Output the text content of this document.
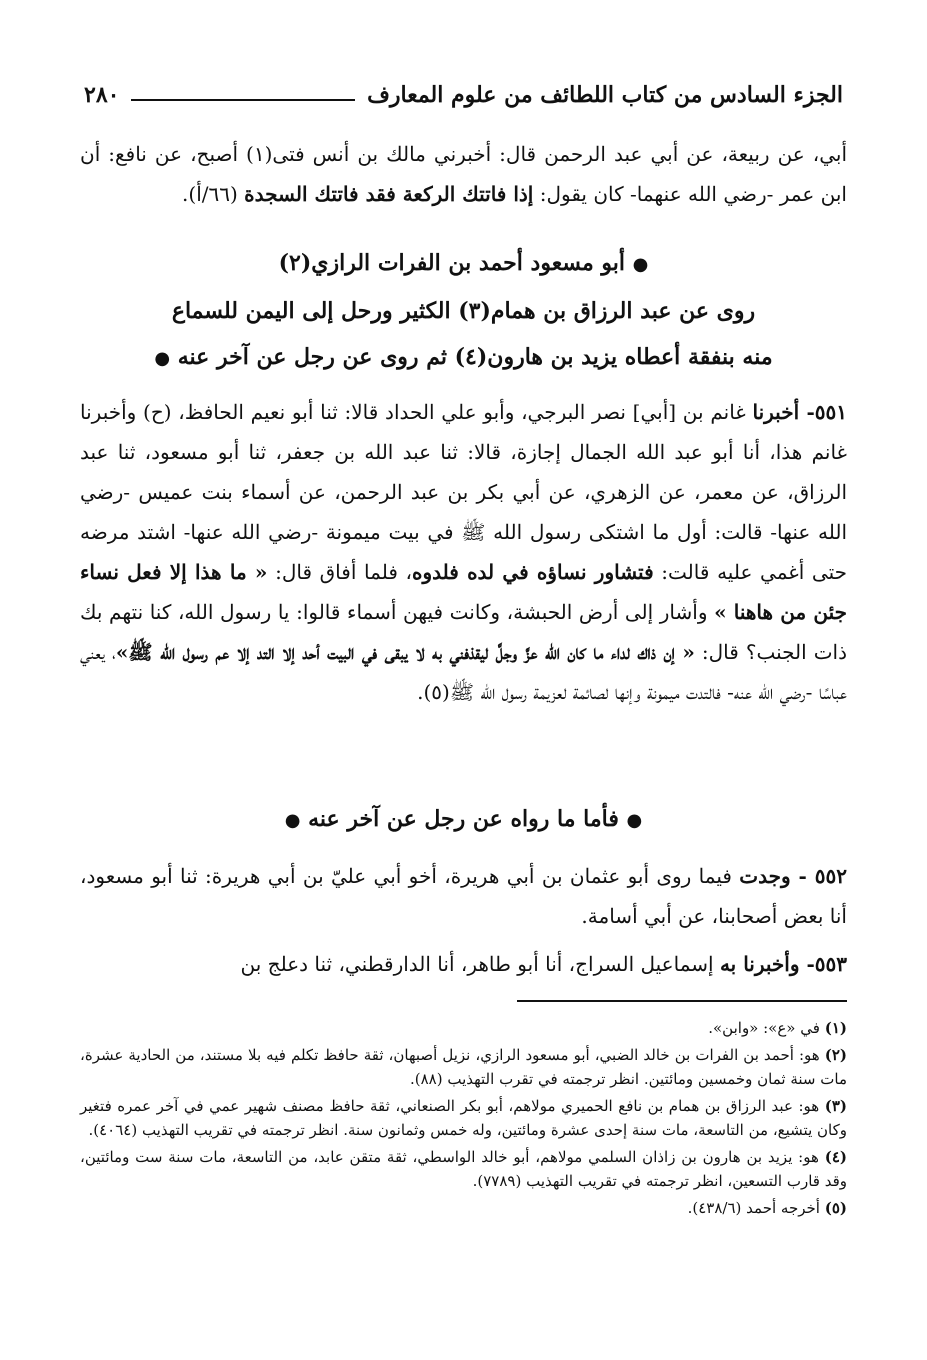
٢٨٠	الجزء السادس من كتاب اللطائف من علوم المعارف

أبي، عن ربيعة، عن أبي عبد الرحمن قال: أخبرني مالك بن أنس فتى(١) أصبح، عن نافع: أن ابن عمر -رضي الله عنهما- كان يقول: إذا فاتتك الركعة فقد فاتتك السجدة (٦٦/أ).

● أبو مسعود أحمد بن الفرات الرازي(٢)

روى عن عبد الرزاق بن همام(٣) الكثير ورحل إلى اليمن للسماع

منه بنفقة أعطاه يزيد بن هارون(٤) ثم روى عن رجل عن آخر عنه ●

٥٥١- أخبرنا غانم بن [أبي] نصر البرجي، وأبو علي الحداد قالا: ثنا أبو نعيم الحافظ، (ح) وأخبرنا غانم هذا، أنا أبو عبد الله الجمال إجازة، قالا: ثنا عبد الله بن جعفر، ثنا أبو مسعود، ثنا عبد الرزاق، عن معمر، عن الزهري، عن أبي بكر بن عبد الرحمن، عن أسماء بنت عميس -رضي الله عنها- قالت: أول ما اشتكى رسول الله ﷺ في بيت ميمونة -رضي الله عنها- اشتد مرضه حتى أغمي عليه قالت: فتشاور نساؤه في لده فلدوه، فلما أفاق قال: « ما هذا إلا فعل نساء جئن من هاهنا » وأشار إلى أرض الحبشة، وكانت فيهن أسماء قالوا: يا رسول الله، كنا نتهم بك ذات الجنب؟ قال: « إن ذاك لداء ما كان الله عزَّ وجلَّ ليقذفني به لا يبقى في البيت أحد إلا التد إلا عم رسول الله ﷺ»، يعني عباسًا -رضي الله عنه- فالتدت ميمونة وإنها لصائمة لعزيمة رسول الله ﷺ(٥).

● فأما ما رواه عن رجل عن آخر عنه ●

٥٥٢ - وجدت فيما روى أبو عثمان بن أبي هريرة، أخو أبي عليّ بن أبي هريرة: ثنا أبو مسعود، أنا بعض أصحابنا، عن أبي أسامة.

٥٥٣- وأخبرنا به إسماعيل السراج، أنا أبو طاهر، أنا الدارقطني، ثنا دعلج بن

(١) في «ع»: «وابن».

(٢) هو: أحمد بن الفرات بن خالد الضبي، أبو مسعود الرازي، نزيل أصبهان، ثقة حافظ تكلم فيه بلا مستند، من الحادية عشرة، مات سنة ثمان وخمسين ومائتين. انظر ترجمته في تقرب التهذيب (٨٨).

(٣) هو: عبد الرزاق بن همام بن نافع الحميري مولاهم، أبو بكر الصنعاني، ثقة حافظ مصنف شهير عمي في آخر عمره فتغير وكان يتشيع، من التاسعة، مات سنة إحدى عشرة ومائتين، وله خمس وثمانون سنة. انظر ترجمته في تقريب التهذيب (٤٠٦٤).

(٤) هو: يزيد بن هارون بن زاذان السلمي مولاهم، أبو خالد الواسطي، ثقة متقن عابد، من التاسعة، مات سنة ست ومائتين، وقد قارب التسعين، انظر ترجمته في تقريب التهذيب (٧٧٨٩).

(٥) أخرجه أحمد (٤٣٨/٦).
